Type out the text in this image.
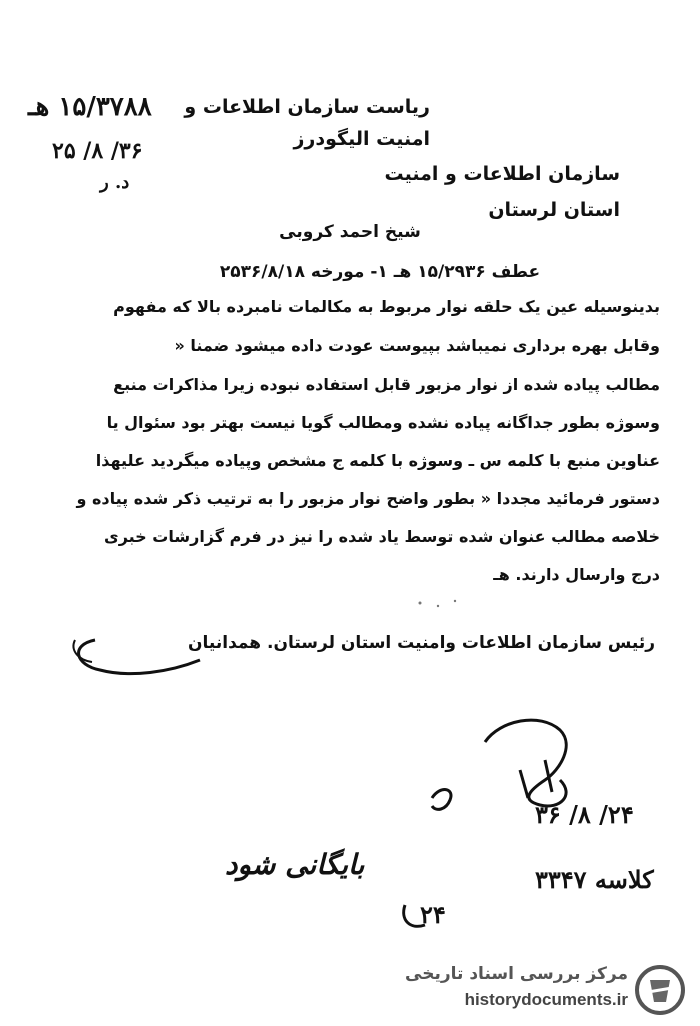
۱۵/۳۷۸۸ هـ
۳۶/ ۸/ ۲۵
د. ر
ریاست سازمان اطلاعات و
امنیت الیگودرز
سازمان اطلاعات و امنیت
استان لرستان
شیخ احمد کروبی
عطف ۱۵/۲۹۳۶ هـ ۱- مورخه ۲۵۳۶/۸/۱۸
بدینوسیله عین یک حلقه نوار مربوط به مکالمات نامبرده بالا که مفهوم
وقابل بهره برداری نمیباشد بپیوست عودت داده میشود ضمنا «
مطالب پیاده شده از نوار مزبور قابل استفاده نبوده زیرا مذاکرات منبع
وسوژه بطور جداگانه پیاده نشده ومطالب گویا نیست بهتر بود سئوال یا
عناوین منبع با کلمه س ـ وسوژه با کلمه ج مشخص وپیاده میگردید علیهذا
دستور فرمائید مجددا « بطور واضح نوار مزبور را به ترتیب ذکر شده پیاده و
خلاصه مطالب عنوان شده توسط یاد شده را نیز در فرم گزارشات خبری
درج وارسال دارند. هـ
رئیس سازمان اطلاعات وامنیت استان لرستان. همدانیان
۲۴/ ۸/ ۳۶
کلاسه ۳۳۴۷
بایگانی شود
۲۴
مرکز بررسی اسناد تاریخی
historydocuments.ir
